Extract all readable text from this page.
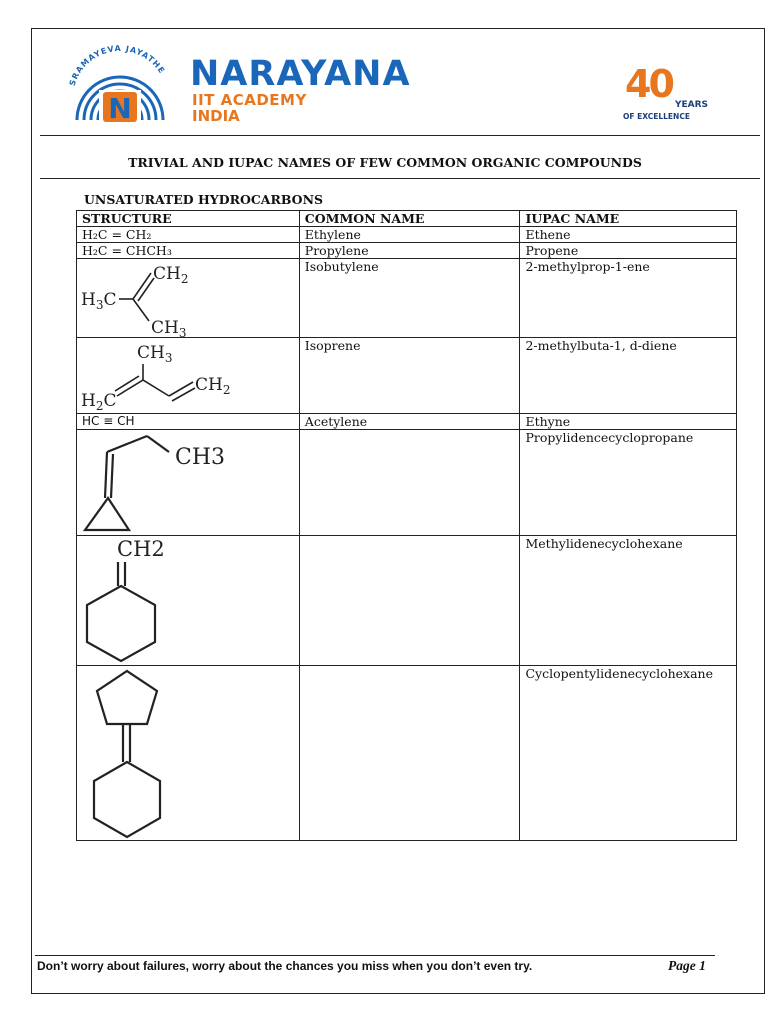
SRAMAYEVA JAYATHE
N
NARAYANA
IIT ACADEMY
INDIA
40 YEARS
OF EXCELLENCE
TRIVIAL AND IUPAC NAMES OF FEW COMMON ORGANIC COMPOUNDS
UNSATURATED HYDROCARBONS
STRUCTURE	COMMON NAME	IUPAC NAME
H₂C = CH₂	Ethylene	Ethene
H₂C = CHCH₃	Propylene	Propene

$CH_2$
$H_3C$
$CH_3$	Isobutylene	2-methylprop-1-ene

$CH_3$
$H_2C$
$CH_2$	Isoprene	2-methylbuta-1, d-diene
HC ≡ CH	Acetylene	Ethyne

CH3		Propylidencecyclopropane

CH2		Methylidenecyclohexane

		Cyclopentylidenecyclohexane
Don’t worry about failures, worry about the chances you miss when you don’t even try.	Page 1
